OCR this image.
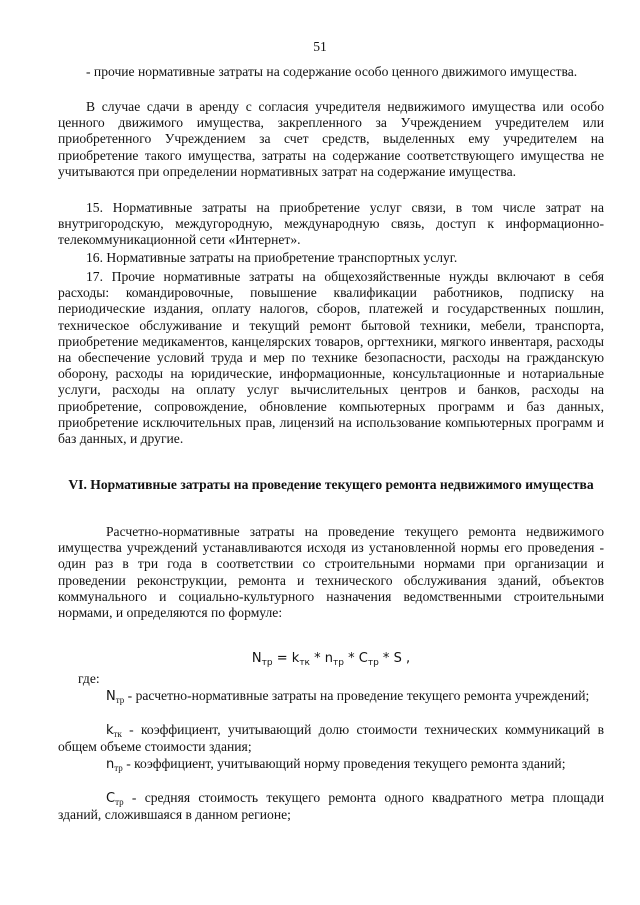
51

- прочие нормативные затраты на содержание особо ценного движимого имущества.

В случае сдачи в аренду с согласия учредителя недвижимого имущества или особо ценного движимого имущества, закрепленного за Учреждением учредителем или приобретенного Учреждением за счет средств, выделенных ему учредителем на приобретение такого имущества, затраты на содержание соответствующего имущества не учитываются при определении нормативных затрат на содержание имущества.

15. Нормативные затраты на приобретение услуг связи, в том числе затрат на внутригородскую, междугородную, международную связь, доступ к информационно-телекоммуникационной сети «Интернет».

16. Нормативные затраты на приобретение транспортных услуг.

17. Прочие нормативные затраты на общехозяйственные нужды включают в себя расходы: командировочные, повышение квалификации работников, подписку на периодические издания, оплату налогов, сборов, платежей и государственных пошлин, техническое обслуживание и текущий ремонт бытовой техники, мебели, транспорта, приобретение медикаментов, канцелярских товаров, оргтехники, мягкого инвентаря, расходы на обеспечение условий труда и мер по технике безопасности, расходы на гражданскую оборону, расходы на юридические, информационные, консультационные и нотариальные услуги, расходы на оплату услуг вычислительных центров и банков, расходы на приобретение, сопровождение, обновление компьютерных программ и баз данных, приобретение исключительных прав, лицензий на использование компьютерных программ и баз данных, и другие.

VI. Нормативные затраты на проведение текущего ремонта недвижимого имущества

Расчетно-нормативные затраты на проведение текущего ремонта недвижимого имущества учреждений устанавливаются исходя из установленной нормы его проведения - один раз в три года в соответствии со строительными нормами при организации и проведении реконструкции, ремонта и технического обслуживания зданий, объектов коммунального и социально-культурного назначения ведомственными строительными нормами, и определяются по формуле:

$N_{тр} = k_{тк} * n_{тр} * C_{тр} * S$ ,
где:

$N_{тр}$ - расчетно-нормативные затраты на проведение текущего ремонта учреждений;

$k_{тк}$ - коэффициент, учитывающий долю стоимости технических коммуникаций в общем объеме стоимости здания;

$n_{тр}$ - коэффициент, учитывающий норму проведения текущего ремонта зданий;

$C_{тр}$ - средняя стоимость текущего ремонта одного квадратного метра площади зданий, сложившаяся в данном регионе;
